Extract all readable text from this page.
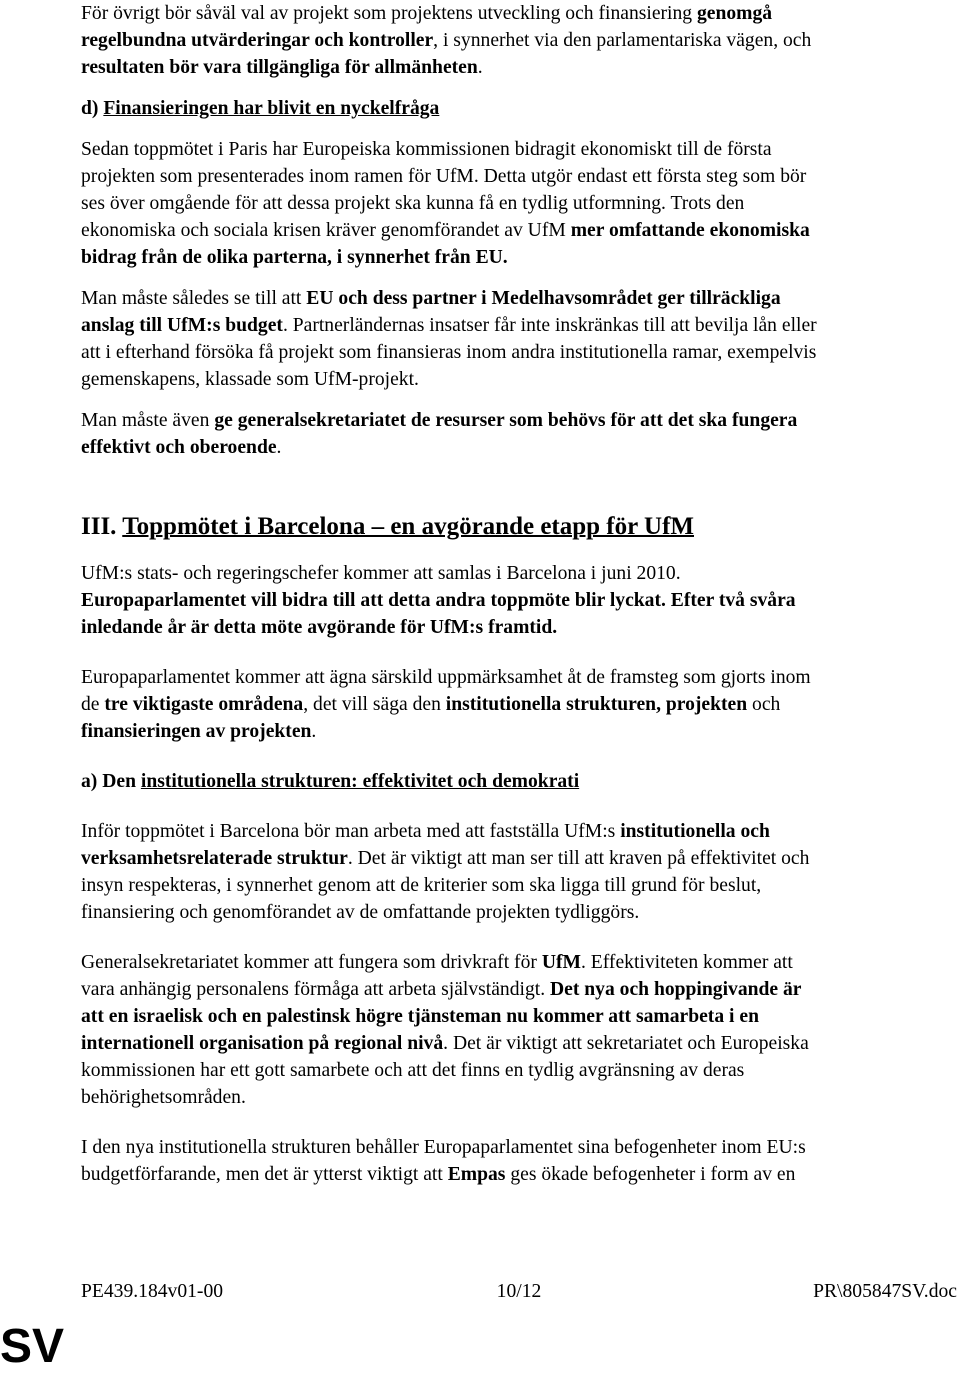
För övrigt bör såväl val av projekt som projektens utveckling och finansiering genomgå
regelbundna utvärderingar och kontroller, i synnerhet via den parlamentariska vägen, och
resultaten bör vara tillgängliga för allmänheten.
d) Finansieringen har blivit en nyckelfråga
Sedan toppmötet i Paris har Europeiska kommissionen bidragit ekonomiskt till de första
projekten som presenterades inom ramen för UfM. Detta utgör endast ett första steg som bör
ses över omgående för att dessa projekt ska kunna få en tydlig utformning. Trots den
ekonomiska och sociala krisen kräver genomförandet av UfM mer omfattande ekonomiska
bidrag från de olika parterna, i synnerhet från EU.
Man måste således se till att EU och dess partner i Medelhavsområdet ger tillräckliga
anslag till UfM:s budget. Partnerländernas insatser får inte inskränkas till att bevilja lån eller
att i efterhand försöka få projekt som finansieras inom andra institutionella ramar, exempelvis
gemenskapens, klassade som UfM-projekt.
Man måste även ge generalsekretariatet de resurser som behövs för att det ska fungera
effektivt och oberoende.
III. Toppmötet i Barcelona – en avgörande etapp för UfM
UfM:s stats- och regeringschefer kommer att samlas i Barcelona i juni 2010.
Europaparlamentet vill bidra till att detta andra toppmöte blir lyckat. Efter två svåra
inledande år är detta möte avgörande för UfM:s framtid.
Europaparlamentet kommer att ägna särskild uppmärksamhet åt de framsteg som gjorts inom
de tre viktigaste områdena, det vill säga den institutionella strukturen, projekten och
finansieringen av projekten.
a) Den institutionella strukturen: effektivitet och demokrati
Inför toppmötet i Barcelona bör man arbeta med att fastställa UfM:s institutionella och
verksamhetsrelaterade struktur. Det är viktigt att man ser till att kraven på effektivitet och
insyn respekteras, i synnerhet genom att de kriterier som ska ligga till grund för beslut,
finansiering och genomförandet av de omfattande projekten tydliggörs.
Generalsekretariatet kommer att fungera som drivkraft för UfM. Effektiviteten kommer att
vara anhängig personalens förmåga att arbeta självständigt. Det nya och hoppingivande är
att en israelisk och en palestinsk högre tjänsteman nu kommer att samarbeta i en
internationell organisation på regional nivå. Det är viktigt att sekretariatet och Europeiska
kommissionen har ett gott samarbete och att det finns en tydlig avgränsning av deras
behörighetsområden.
I den nya institutionella strukturen behåller Europaparlamentet sina befogenheter inom EU:s
budgetförfarande, men det är ytterst viktigt att Empas ges ökade befogenheter i form av en
PE439.184v01-00	10/12	PR\805847SV.doc
SV
